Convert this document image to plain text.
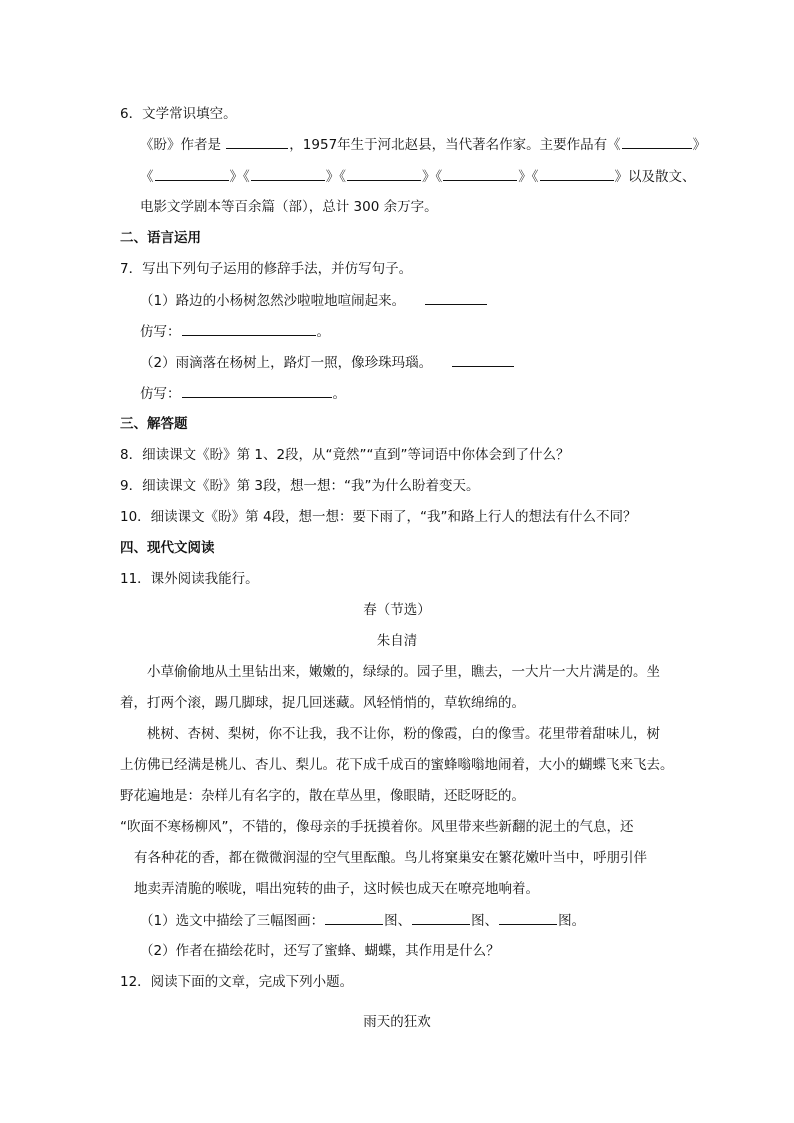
6．文学常识填空。
《盼》作者是	，1957年生于河北赵县，当代著名作家。主要作品有《	》
《	》《	》《	》《	》《	》以及散文、
电影文学剧本等百余篇（部），总计 300 余万字。
二、语言运用
7．写出下列句子运用的修辞手法，并仿写句子。
（1）路边的小杨树忽然沙啦啦地喧闹起来。
仿写：	。
（2）雨滴落在杨树上，路灯一照，像珍珠玛瑙。
仿写：	。
三、解答题
8．细读课文《盼》第 1、2段，从“竟然”“直到”等词语中你体会到了什么？
9．细读课文《盼》第 3段，想一想：“我”为什么盼着变天。
10．细读课文《盼》第 4段，想一想：要下雨了，“我”和路上行人的想法有什么不同？
四、现代文阅读
11．课外阅读我能行。
春（节选）
朱自清
小草偷偷地从土里钻出来，嫩嫩的，绿绿的。园子里，瞧去，一大片一大片满是的。坐
着，打两个滚，踢几脚球，捉几回迷藏。风轻悄悄的，草软绵绵的。
桃树、杏树、梨树，你不让我，我不让你，粉的像霞，白的像雪。花里带着甜味儿，树
上仿佛已经满是桃儿、杏儿、梨儿。花下成千成百的蜜蜂嗡嗡地闹着，大小的蝴蝶飞来飞去。
野花遍地是：杂样儿有名字的，散在草丛里，像眼睛，还眨呀眨的。
“吹面不寒杨柳风”，不错的，像母亲的手抚摸着你。风里带来些新翻的泥土的气息，还
有各种花的香，都在微微润湿的空气里酝酿。鸟儿将窠巢安在繁花嫩叶当中，呼朋引伴
地卖弄清脆的喉咙，唱出宛转的曲子，这时候也成天在嘹亮地响着。
（1）选文中描绘了三幅图画：	图、	图、	图。
（2）作者在描绘花时，还写了蜜蜂、蝴蝶，其作用是什么？
12．阅读下面的文章，完成下列小题。
雨天的狂欢
